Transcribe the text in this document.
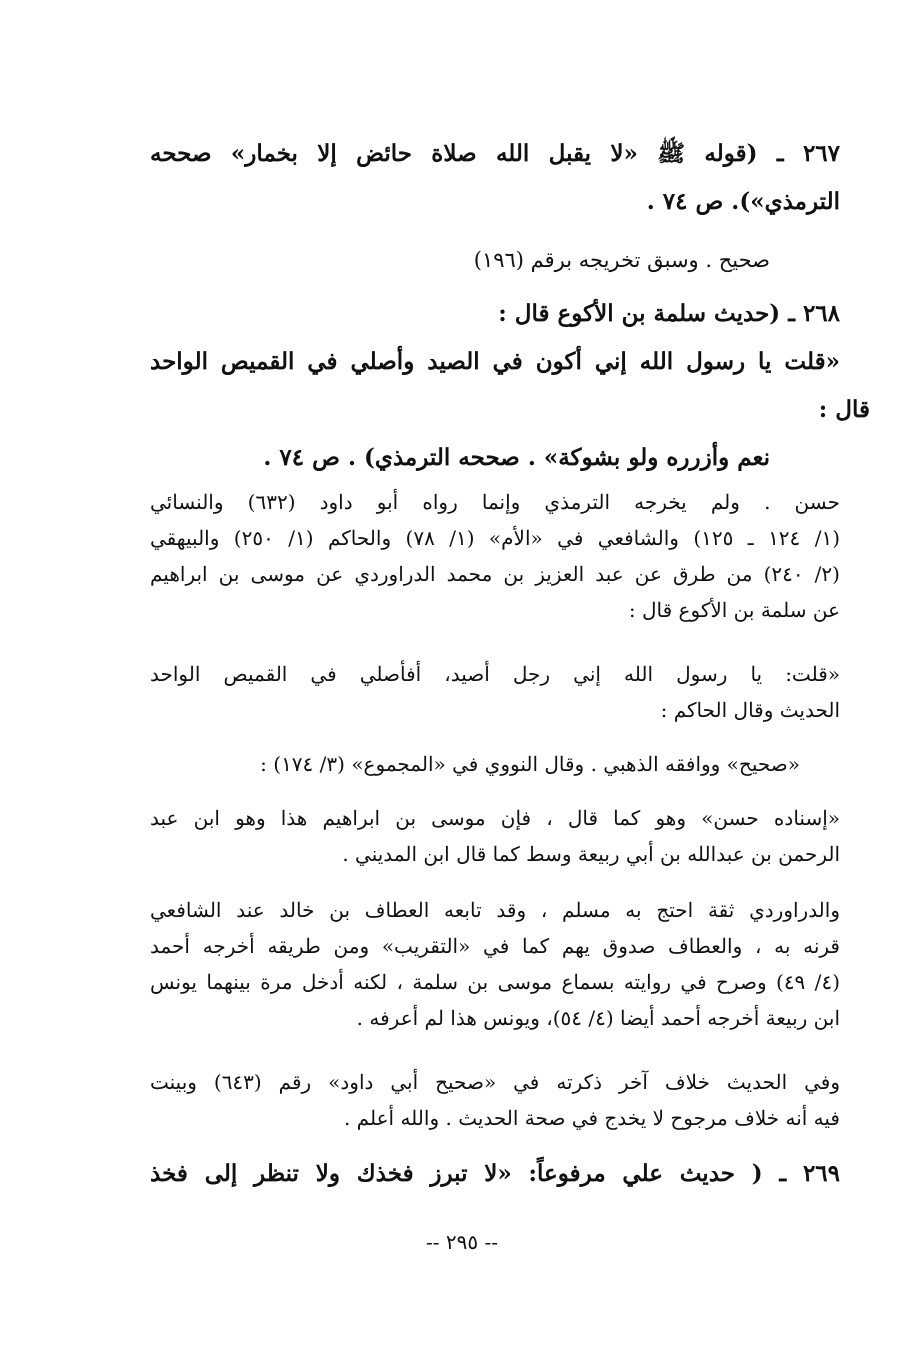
٢٦٧ ـ (قوله ﷺ «لا يقبل الله صلاة حائض إلا بخمار» صححه
الترمذي»). ص ٧٤ .
صحيح . وسبق تخريجه برقم (١٩٦)
٢٦٨ ـ (حديث سلمة بن الأكوع قال :
«قلت يا رسول الله إني أكون في الصيد وأصلي في القميص الواحد
قال :
نعم وأزرره ولو بشوكة» . صححه الترمذي) . ص ٧٤ .
حسن . ولم يخرجه الترمذي وإنما رواه أبو داود (٦٣٢) والنسائي
(١/ ١٢٤ ـ ١٢٥) والشافعي في «الأم» (١/ ٧٨) والحاكم (١/ ٢٥٠) والبيهقي
(٢/ ٢٤٠) من طرق عن عبد العزيز بن محمد الدراوردي عن موسى بن ابراهيم
عن سلمة بن الأكوع قال :
«قلت: يا رسول الله إني رجل أصيد، أفأصلي في القميص الواحد
الحديث وقال الحاكم :
«صحيح» ووافقه الذهبي . وقال النووي في «المجموع» (٣/ ١٧٤) :
«إسناده حسن» وهو كما قال ، فإن موسى بن ابراهيم هذا وهو ابن عبد
الرحمن بن عبدالله بن أبي ربيعة وسط كما قال ابن المديني .
والدراوردي ثقة احتج به مسلم ، وقد تابعه العطاف بن خالد عند الشافعي
قرنه به ، والعطاف صدوق يهم كما في «التقريب» ومن طريقه أخرجه أحمد
(٤/ ٤٩) وصرح في روايته بسماع موسى بن سلمة ، لكنه أدخل مرة بينهما يونس
ابن ربيعة أخرجه أحمد أيضا (٤/ ٥٤)، ويونس هذا لم أعرفه .
وفي الحديث خلاف آخر ذكرته في «صحيح أبي داود» رقم (٦٤٣) وبينت
فيه أنه خلاف مرجوح لا يخدج في صحة الحديث . والله أعلم .
٢٦٩ ـ ( حديث علي مرفوعاً: «لا تبرز فخذك ولا تنظر إلى فخذ
-- ٢٩٥ --
